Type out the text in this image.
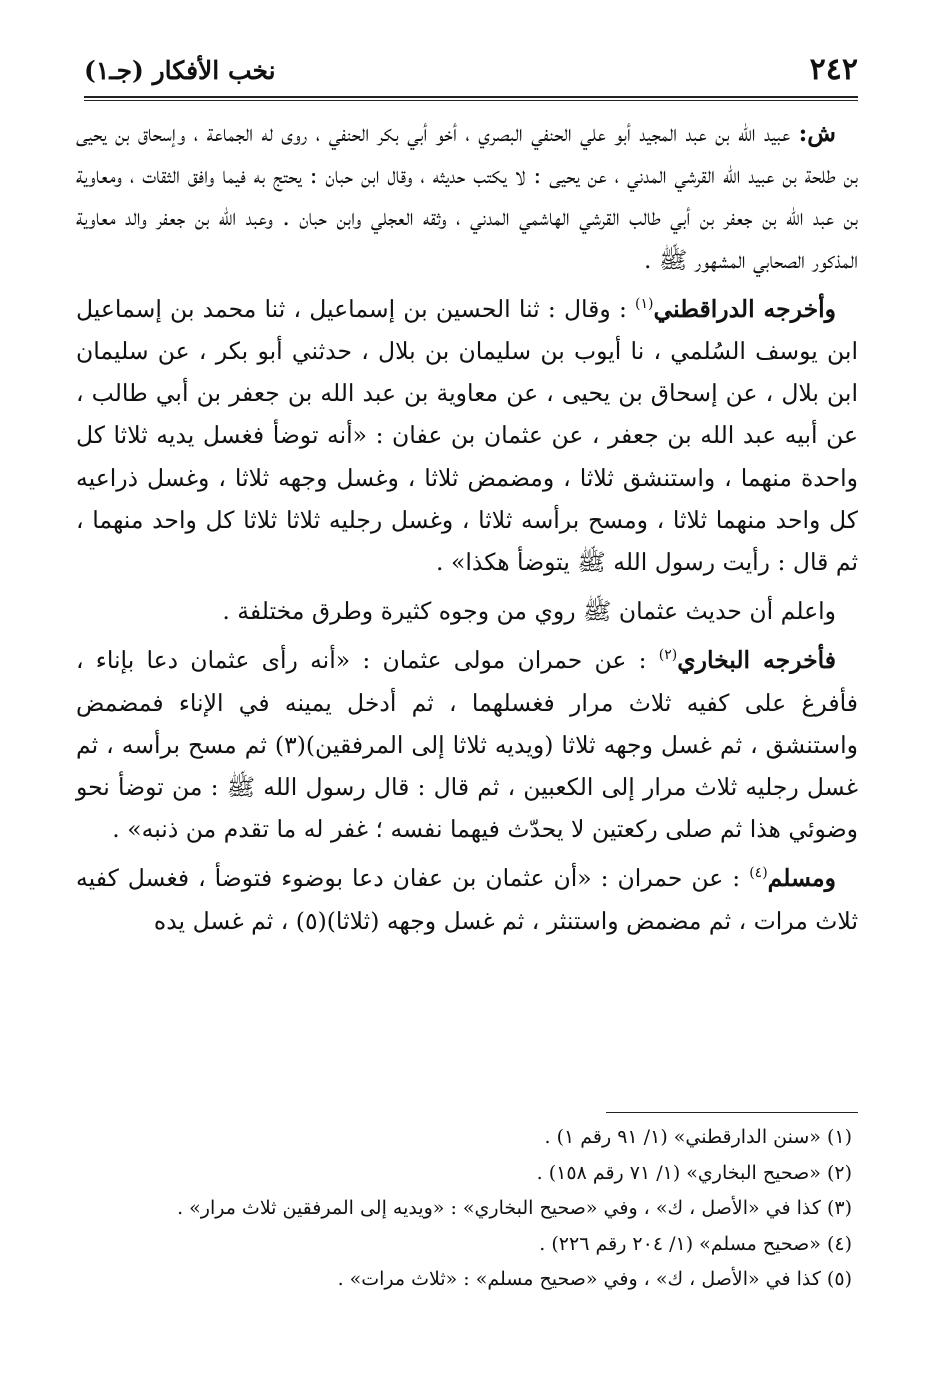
٢٤٢
نخب الأفكار (جـ١)

ش: عبيد الله بن عبد المجيد أبو علي الحنفي البصري ، أخو أبي بكر الحنفي ، روى له الجماعة ، وإسحاق بن يحيى بن طلحة بن عبيد الله القرشي المدني ، عن يحيى : لا يكتب حديثه ، وقال ابن حبان : يحتج به فيما وافق الثقات ، ومعاوية بن عبد الله بن جعفر بن أبي طالب القرشي الهاشمي المدني ، وثقه العجلي وابن حبان . وعبد الله بن جعفر والد معاوية المذكور الصحابي المشهور ﷺ .

وأخرجه الدراقطني$^{(١)}$ : وقال : ثنا الحسين بن إسماعيل ، ثنا محمد بن إسماعيل ابن يوسف السُلمي ، نا أيوب بن سليمان بن بلال ، حدثني أبو بكر ، عن سليمان ابن بلال ، عن إسحاق بن يحيى ، عن معاوية بن عبد الله بن جعفر بن أبي طالب ، عن أبيه عبد الله بن جعفر ، عن عثمان بن عفان : «أنه توضأ فغسل يديه ثلاثا كل واحدة منهما ، واستنشق ثلاثا ، ومضمض ثلاثا ، وغسل وجهه ثلاثا ، وغسل ذراعيه كل واحد منهما ثلاثا ، ومسح برأسه ثلاثا ، وغسل رجليه ثلاثا ثلاثا كل واحد منهما ، ثم قال : رأيت رسول الله ﷺ يتوضأ هكذا» .

واعلم أن حديث عثمان ﷺ روي من وجوه كثيرة وطرق مختلفة .

فأخرجه البخاري$^{(٢)}$ : عن حمران مولى عثمان : «أنه رأى عثمان دعا بإناء ، فأفرغ على كفيه ثلاث مرار فغسلهما ، ثم أدخل يمينه في الإناء فمضمض واستنشق ، ثم غسل وجهه ثلاثا (ويديه ثلاثا إلى المرفقين)(٣) ثم مسح برأسه ، ثم غسل رجليه ثلاث مرار إلى الكعبين ، ثم قال : قال رسول الله ﷺ : من توضأ نحو وضوئي هذا ثم صلى ركعتين لا يحدّث فيهما نفسه ؛ غفر له ما تقدم من ذنبه» .

ومسلم$^{(٤)}$ : عن حمران : «أن عثمان بن عفان دعا بوضوء فتوضأ ، فغسل كفيه ثلاث مرات ، ثم مضمض واستنثر ، ثم غسل وجهه (ثلاثا)(٥) ، ثم غسل يده

(١) «سنن الدارقطني» (١/ ٩١ رقم ١) .

(٢) «صحيح البخاري» (١/ ٧١ رقم ١٥٨) .

(٣) كذا في «الأصل ، ك» ، وفي «صحيح البخاري» : «ويديه إلى المرفقين ثلاث مرار» .

(٤) «صحيح مسلم» (١/ ٢٠٤ رقم ٢٢٦) .

(٥) كذا في «الأصل ، ك» ، وفي «صحيح مسلم» : «ثلاث مرات» .
